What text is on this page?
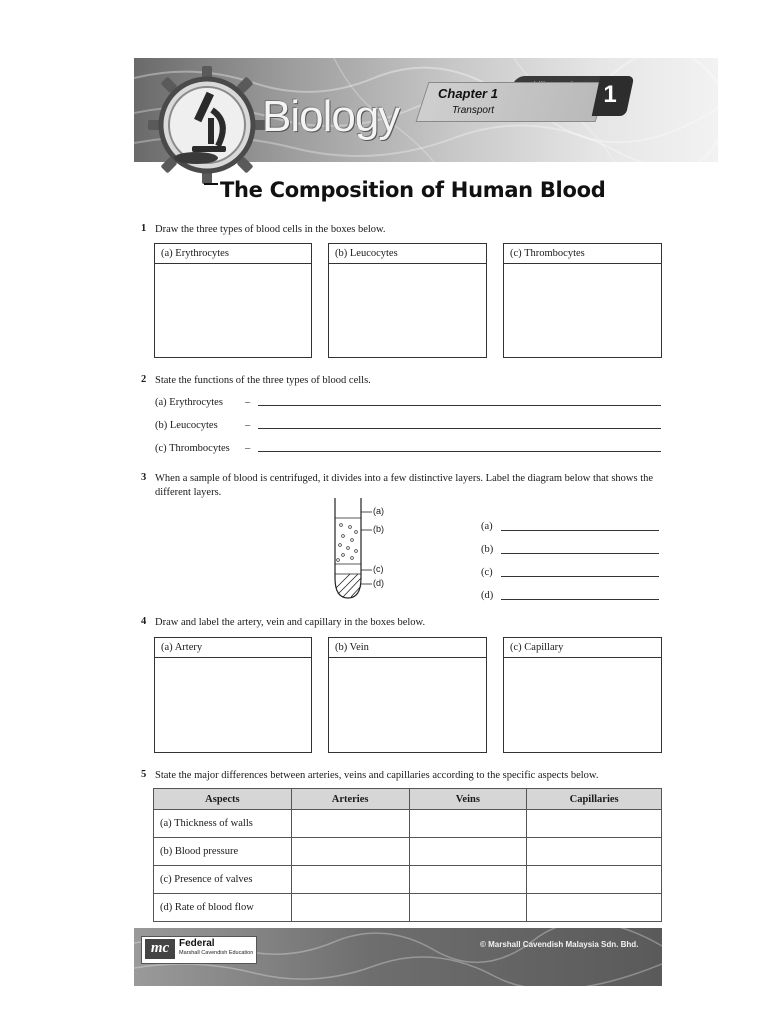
Biology	Chapter 1
Transport
1
The Composition of Human Blood
1 Draw the three types of blood cells in the boxes below.
(a) Erythrocytes	(b) Leucocytes	(c) Thrombocytes
2 State the functions of the three types of blood cells.
(a) Erythrocytes –
(b) Leucocytes	–
(c) Thrombocytes –
3 When a sample of blood is centrifuged, it divides into a few distinctive layers. Label the diagram below that shows the different layers.
(a)
(b)
(c)
(d)
(a)
(b)
(c)
(d)
4 Draw and label the artery, vein and capillary in the boxes below.
(a) Artery	(b) Vein	(c) Capillary
5 State the major differences between arteries, veins and capillaries according to the specific aspects below.
Aspects	Arteries	Veins	Capillaries
(a) Thickness of walls			
(b) Blood pressure			
(c) Presence of valves			
(d) Rate of blood flow			
mc Federal
Marshall Cavendish Education
© Marshall Cavendish Malaysia Sdn. Bhd.
